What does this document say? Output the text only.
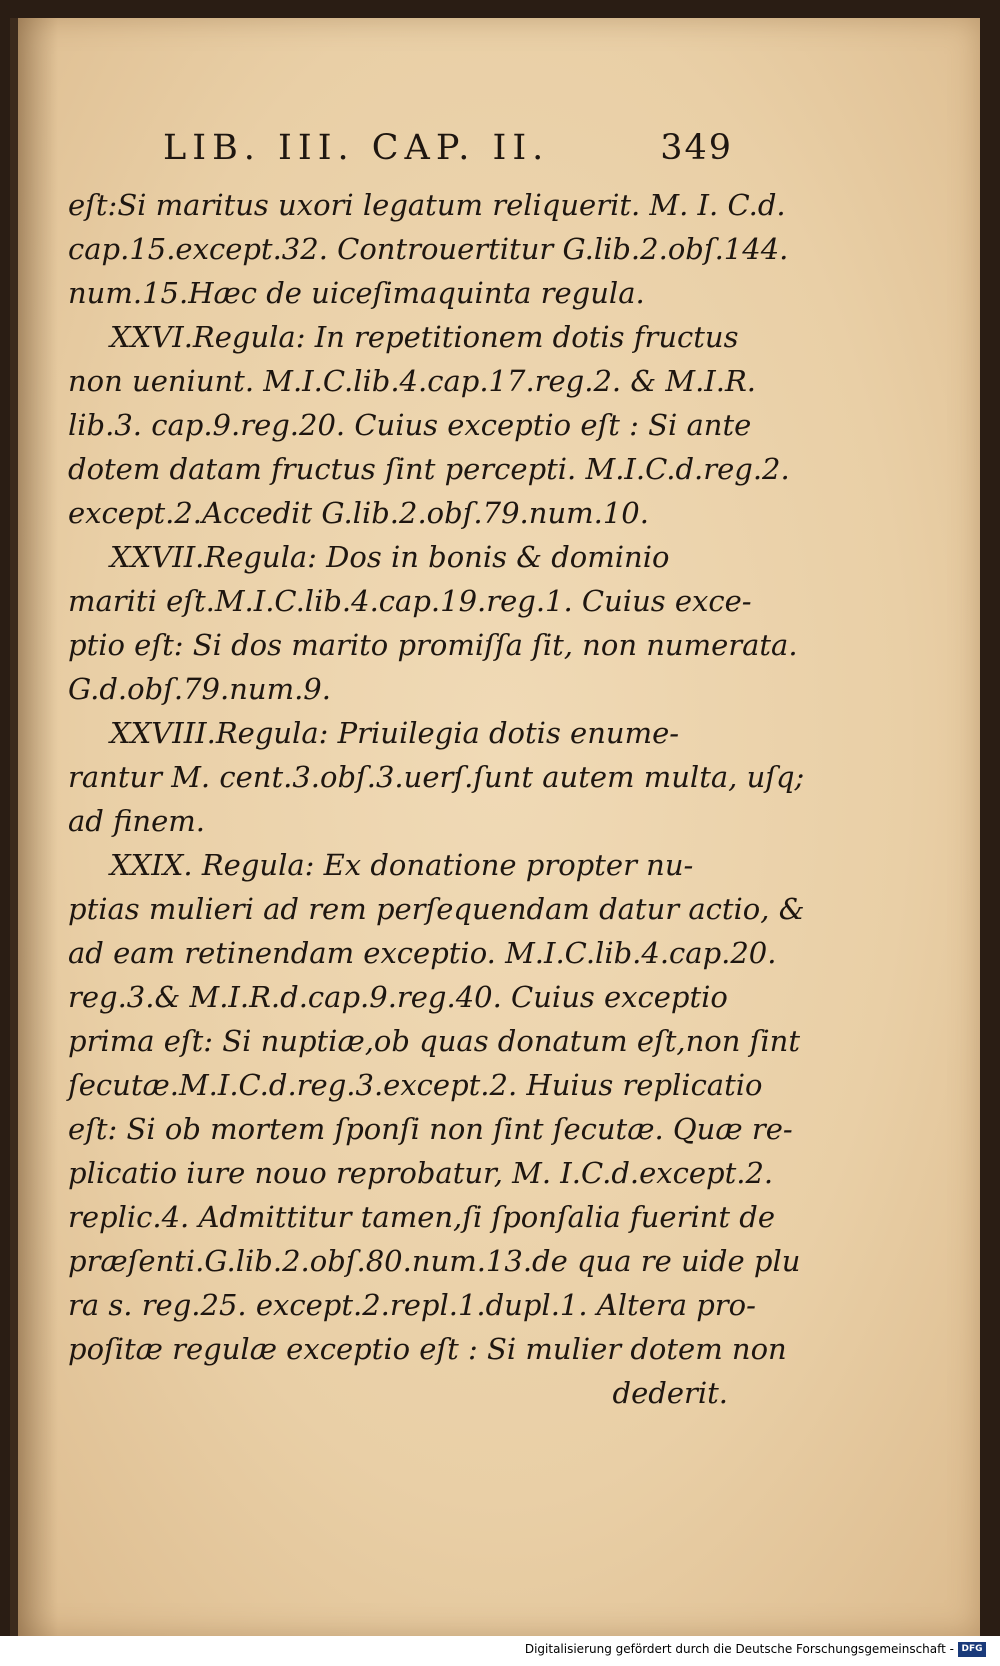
LIB. III. CAP. II.	349
eſt:Si maritus uxori legatum reliquerit. M. I. C.d.
cap.15.except.32. Controuertitur G.lib.2.obſ.144.
num.15.Hæc de uiceſimaquinta regula.
XXVI.Regula: In repetitionem dotis fructus
non ueniunt. M.I.C.lib.4.cap.17.reg.2. & M.I.R.
lib.3. cap.9.reg.20. Cuius exceptio eſt : Si ante
dotem datam fructus ſint percepti. M.I.C.d.reg.2.
except.2.Accedit G.lib.2.obſ.79.num.10.
XXVII.Regula: Dos in bonis & dominio
mariti eſt.M.I.C.lib.4.cap.19.reg.1. Cuius exce-
ptio eſt: Si dos marito promiſſa ſit, non numerata.
G.d.obſ.79.num.9.
XXVIII.Regula: Priuilegia dotis enume-
rantur M. cent.3.obſ.3.uerſ.ſunt autem multa, uſq;
ad finem.
XXIX. Regula: Ex donatione propter nu-
ptias mulieri ad rem perſequendam datur actio, &
ad eam retinendam exceptio. M.I.C.lib.4.cap.20.
reg.3.& M.I.R.d.cap.9.reg.40. Cuius exceptio
prima eſt: Si nuptiæ,ob quas donatum eſt,non ſint
ſecutæ.M.I.C.d.reg.3.except.2. Huius replicatio
eſt: Si ob mortem ſponſi non ſint ſecutæ. Quæ re-
plicatio iure nouo reprobatur, M. I.C.d.except.2.
replic.4. Admittitur tamen,ſi ſponſalia fuerint de
præſenti.G.lib.2.obſ.80.num.13.de qua re uide plu
ra s. reg.25. except.2.repl.1.dupl.1. Altera pro-
poſitæ regulæ exceptio eſt : Si mulier dotem non
dederit.
Digitalisierung gefördert durch die Deutsche Forschungsgemeinschaft - DFG
